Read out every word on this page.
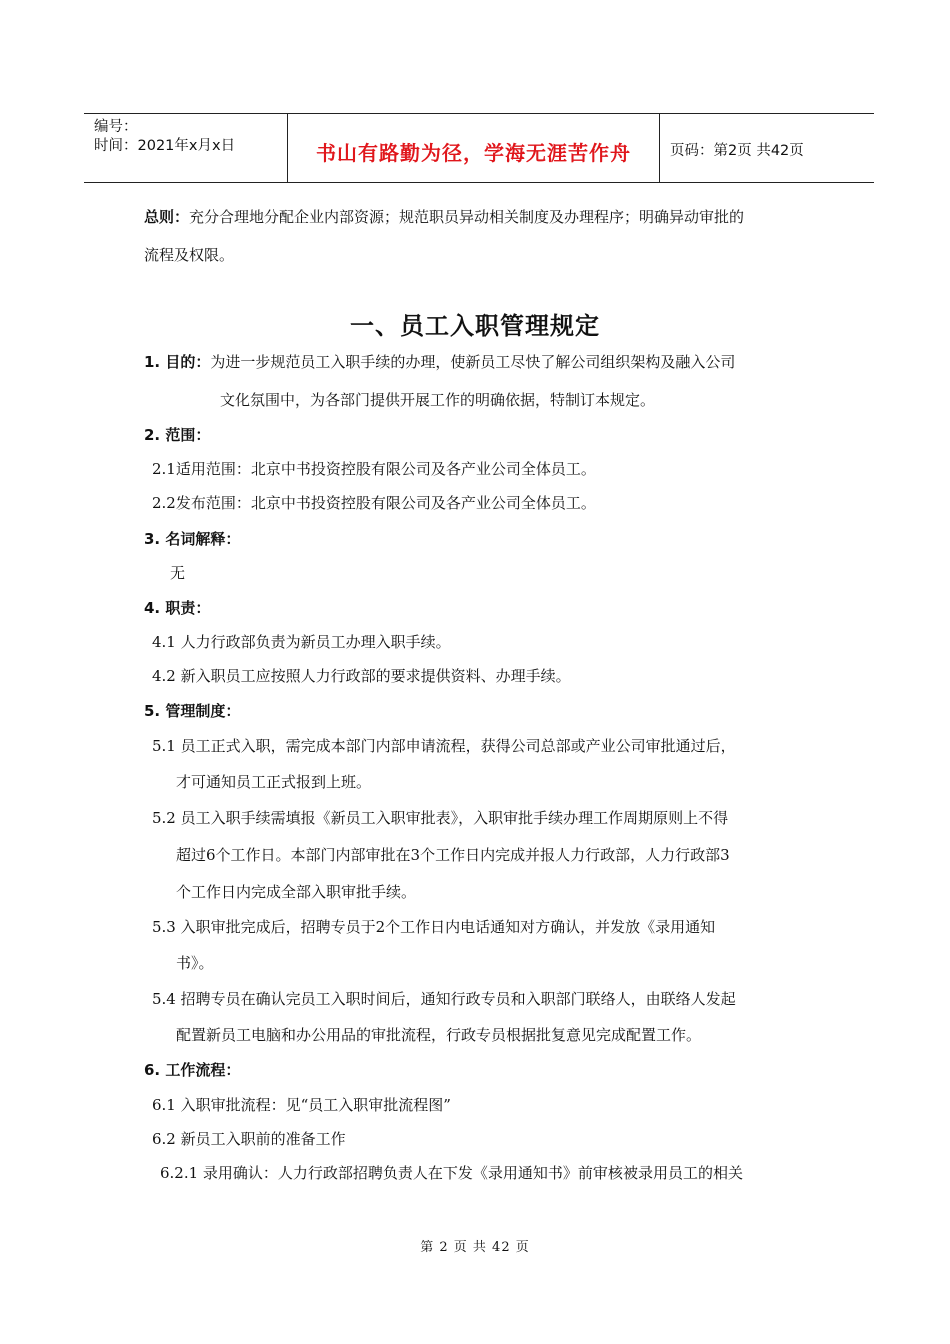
编号：
时间：2021年x月x日	书山有路勤为径，学海无涯苦作舟	页码：第2页 共42页
总则：充分合理地分配企业内部资源；规范职员异动相关制度及办理程序；明确异动审批的
流程及权限。
一、员工入职管理规定
1. 目的：为进一步规范员工入职手续的办理，使新员工尽快了解公司组织架构及融入公司
文化氛围中，为各部门提供开展工作的明确依据，特制订本规定。
2. 范围：
2.1适用范围：北京中书投资控股有限公司及各产业公司全体员工。
2.2发布范围：北京中书投资控股有限公司及各产业公司全体员工。
3. 名词解释：
无
4. 职责：
4.1 人力行政部负责为新员工办理入职手续。
4.2 新入职员工应按照人力行政部的要求提供资料、办理手续。
5. 管理制度：
5.1 员工正式入职，需完成本部门内部申请流程，获得公司总部或产业公司审批通过后，
才可通知员工正式报到上班。
5.2 员工入职手续需填报《新员工入职审批表》，入职审批手续办理工作周期原则上不得
超过6个工作日。本部门内部审批在3个工作日内完成并报人力行政部，人力行政部3
个工作日内完成全部入职审批手续。
5.3 入职审批完成后，招聘专员于2个工作日内电话通知对方确认，并发放《录用通知
书》。
5.4 招聘专员在确认完员工入职时间后，通知行政专员和入职部门联络人，由联络人发起
配置新员工电脑和办公用品的审批流程，行政专员根据批复意见完成配置工作。
6. 工作流程：
6.1 入职审批流程：见“员工入职审批流程图”
6.2 新员工入职前的准备工作
6.2.1 录用确认：人力行政部招聘负责人在下发《录用通知书》前审核被录用员工的相关
第 2 页 共 42 页
